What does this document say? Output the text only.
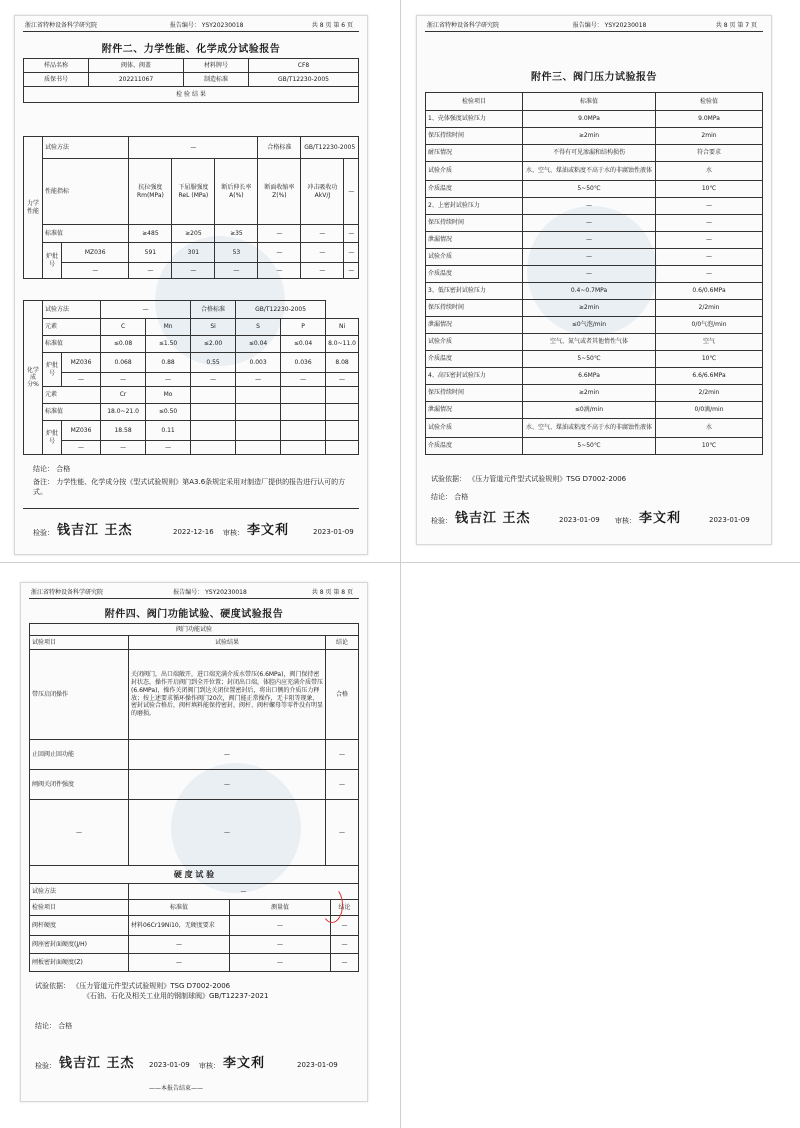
浙江省特种设备科学研究院	报告编号： YSY20230018	共 8 页 第 6 页
附件二、力学性能、化学成分试验报告
样品名称	阀体、阀盖	材料牌号	CF8
质保书号	202211067	制造标准	GB/T12230-2005
检 验 结 果			
力学性能	试验方法		—			合格标准	GB/T12230-2005	
	性能指标		抗拉强度 Rm(MPa)	下屈服强度ReL (MPa)	断后伸长率A(%)	断面收缩率Z(%)	冲击吸收功 AkV/J	—
	标准值		≥485	≥205	≥35	—	—	—
	炉批号	MZ036	591	301	53	—	—	—
		—	—	—	—	—	—	—
化学成分%	试验方法		—		合格标准	GB/T12230-2005		
	元素		C	Mn	Si	S	P	Ni
	标准值		≤0.08	≤1.50	≤2.00	≤0.04	≤0.04	8.0~11.0
	炉批号	MZ036	0.068	0.88	0.55	0.003	0.036	8.08
		—	—	—	—	—	—	—
	元素		Cr	Mo				
	标准值		18.0~21.0	≤0.50				
	炉批号	MZ036	18.58	0.11				
		—	—	—				
结论： 合格
备注： 力学性能、化学成分按《型式试验规则》第A3.6条规定采用对制造厂提供的报告进行认可的方式。
检验： 钱吉江 王杰	2022-12-16 审核： 李文利	2023-01-09
浙江省特种设备科学研究院	报告编号： YSY20230018	共 8 页 第 7 页
附件三、阀门压力试验报告
检验项目	标准值	检验值
1、壳体强度试验压力	9.0MPa	9.0MPa
保压持续时间	≥2min	2min
耐压情况	不得有可见渗漏和结构损伤	符合要求
试验介质	水、空气、煤油或粘度不高于水的非腐蚀性液体	水
介质温度	5~50℃	10℃
2、上密封试验压力	—	—
保压持续时间	—	—
泄漏情况	—	—
试验介质	—	—
介质温度	—	—
3、低压密封试验压力	0.4~0.7MPa	0.6/0.6MPa
保压持续时间	≥2min	2/2min
泄漏情况	≤0气泡/min	0/0气泡/min
试验介质	空气、氮气或者其他惰性气体	空气
介质温度	5~50℃	10℃
4、高压密封试验压力	6.6MPa	6.6/6.6MPa
保压持续时间	≥2min	2/2min
泄漏情况	≤0滴/min	0/0滴/min
试验介质	水、空气、煤油或粘度不高于水的非腐蚀性液体	水
介质温度	5~50℃	10℃
试验依据： 《压力管道元件型式试验规则》TSG D7002-2006
结论： 合格
检验： 钱吉江 王杰	2023-01-09 审核： 李文利	2023-01-09
浙江省特种设备科学研究院	报告编号： YSY20230018	共 8 页 第 8 页
附件四、阀门功能试验、硬度试验报告
阀门功能试验		
试验项目	试验结果	结论
带压启闭操作	关闭阀门，出口端敞开，进口端充满介质水带压(6.6MPa)，阀门保持密封状态，操作开启阀门到全开位置；封闭出口端，体腔内应充满介质带压(6.6MPa)，操作关闭阀门到达关闭位置密封后，将出口侧的介质压力释放；按上述要求循环操作阀门20次，阀门能正常操作，无卡阻等现象，密封试验合格后，阀杆填料能保持密封，阀杆、阀杆螺母等零件没有明显的磨损。	合格
止回阀止回功能	—	—
闸阀关闭件强度	—	—
—	—	—
硬 度 试 验			
试验方法	—		
检验项目	标准值	测量值	结论
阀杆硬度	材料06Cr19Ni10，无硬度要求	—	—
阀座密封面硬度(J/H)	—	—	—
闸板密封面硬度(Z)	—	—	—
试验依据： 《压力管道元件型式试验规则》TSG D7002-2006
《石油、石化及相关工业用的钢制球阀》GB/T12237-2021
结论： 合格
检验： 钱吉江 王杰 2023-01-09 审核： 李文利	2023-01-09
——本报告结束——
